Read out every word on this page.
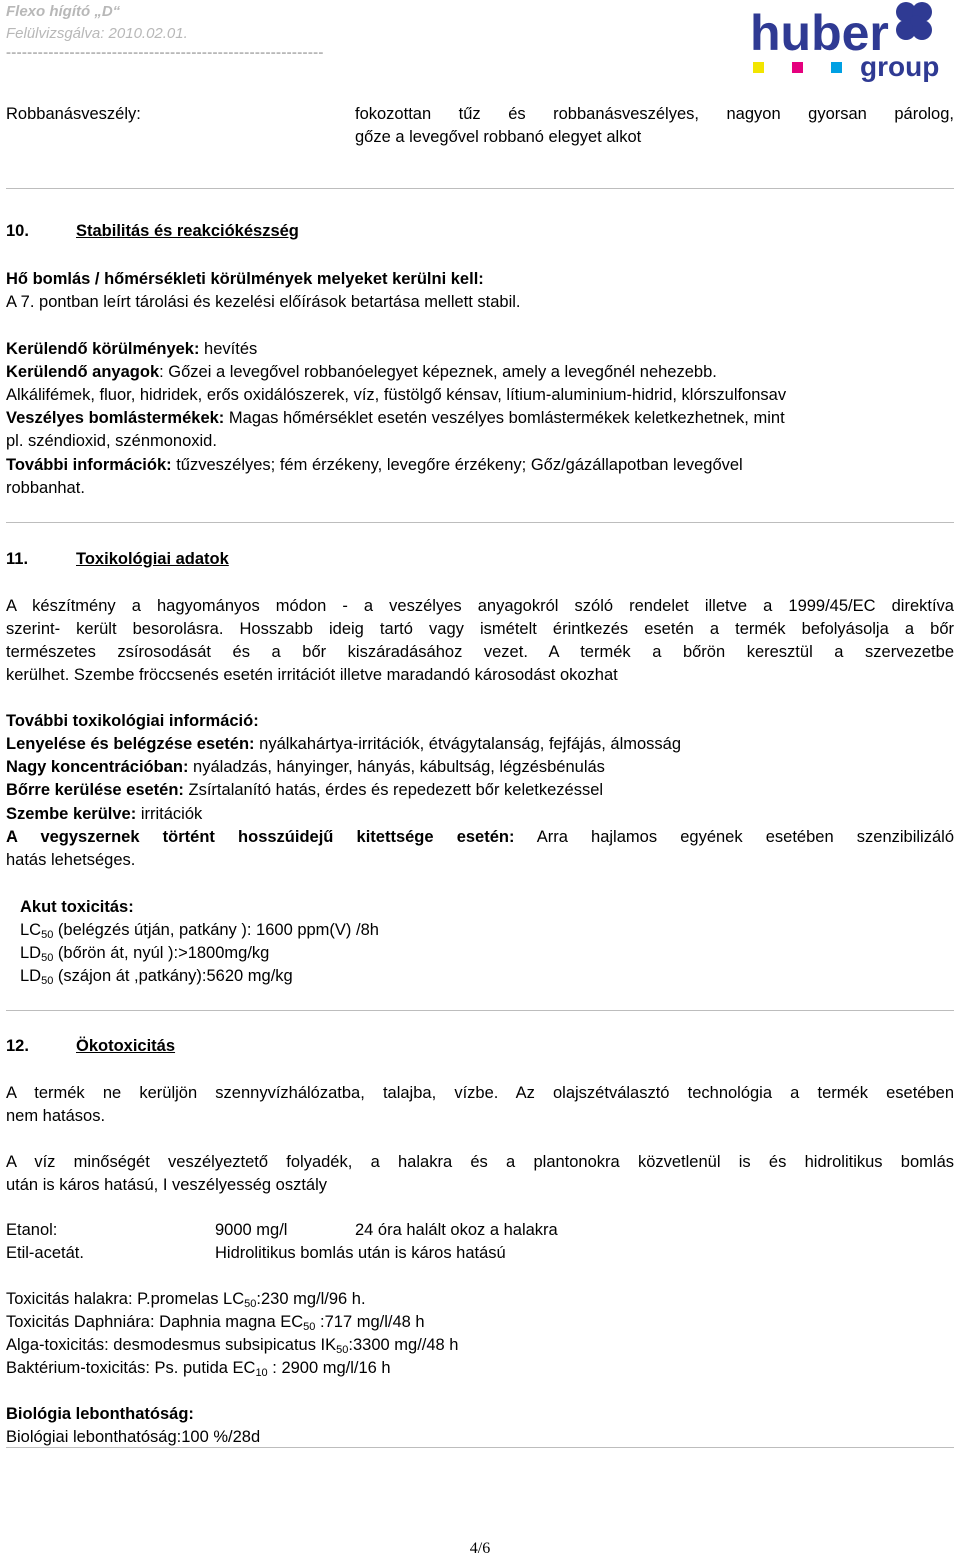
Flexo hígító „D“
Felülvizsgálva: 2010.02.01.
------------------------------------------------------------	huber
group
Robbanásveszély:	fokozottan tűz és robbanásveszélyes, nagyon gyorsan párolog,
gőze a levegővel robbanó elegyet alkot
10.	Stabilitás és reakciókészség
Hő bomlás / hőmérsékleti körülmények melyeket kerülni kell:
A 7. pontban leírt tárolási és kezelési előírások betartása mellett stabil.
Kerülendő körülmények: hevítés
Kerülendő anyagok: Gőzei a levegővel robbanóelegyet képeznek, amely a levegőnél nehezebb.
Alkálifémek, fluor, hidridek, erős oxidálószerek, víz, füstölgő kénsav, lítium-aluminium-hidrid, klórszulfonsav
Veszélyes bomlástermékek: Magas hőmérséklet esetén veszélyes bomlástermékek keletkezhetnek, mint
pl. széndioxid, szénmonoxid.
További információk: tűzveszélyes; fém érzékeny, levegőre érzékeny; Gőz/gázállapotban levegővel
robbanhat.
11.	Toxikológiai adatok
A készítmény a hagyományos módon - a veszélyes anyagokról szóló rendelet illetve a 1999/45/EC direktíva
szerint- került besorolásra. Hosszabb ideig tartó vagy ismételt érintkezés esetén a termék befolyásolja a bőr
természetes zsírosodását és a bőr kiszáradásához vezet. A termék a bőrön keresztül a szervezetbe
kerülhet. Szembe fröccsenés esetén irritációt illetve maradandó károsodást okozhat
További toxikológiai információ:
Lenyelése és belégzése esetén: nyálkahártya-irritációk, étvágytalanság, fejfájás, álmosság
Nagy koncentrációban: nyáladzás, hányinger, hányás, kábultság, légzésbénulás
Bőrre kerülése esetén: Zsírtalanító hatás, érdes és repedezett bőr keletkezéssel
Szembe kerülve: irritációk
A vegyszernek történt hosszúidejű kitettsége esetén: Arra hajlamos egyének esetében szenzibilizáló
hatás lehetséges.
Akut toxicitás:
$LC_{50}$ (belégzés útján, patkány ): 1600 ppm(V) /8h
$LD_{50}$ (bőrön át, nyúl ):>1800mg/kg
$LD_{50}$ (szájon át ,patkány):5620 mg/kg
12.	Ökotoxicitás
A termék ne kerüljön szennyvízhálózatba, talajba, vízbe. Az olajszétválasztó technológia a termék esetében
nem hatásos.
A víz minőségét veszélyeztető folyadék, a halakra és a plantonokra közvetlenül is és hidrolitikus bomlás
után is káros hatású, I veszélyesség osztály
Etanol:	9000 mg/l	24 óra halált okoz a halakra
Etil-acetát.	Hidrolitikus bomlás után is káros hatású
Toxicitás halakra: P.promelas $LC_{50}:230$ mg/l/96 h.
Toxicitás Daphniára: Daphnia magna $EC_{50}$ :717 mg/l/48 h
Alga-toxicitás: desmodesmus subsipicatus $IK_{50}:3300$ mg//48 h
Baktérium-toxicitás: Ps. putida $EC_{10}$ : 2900 mg/l/16 h
Biológia lebonthatóság:
Biológiai lebonthatóság:100 %/28d
4/6
